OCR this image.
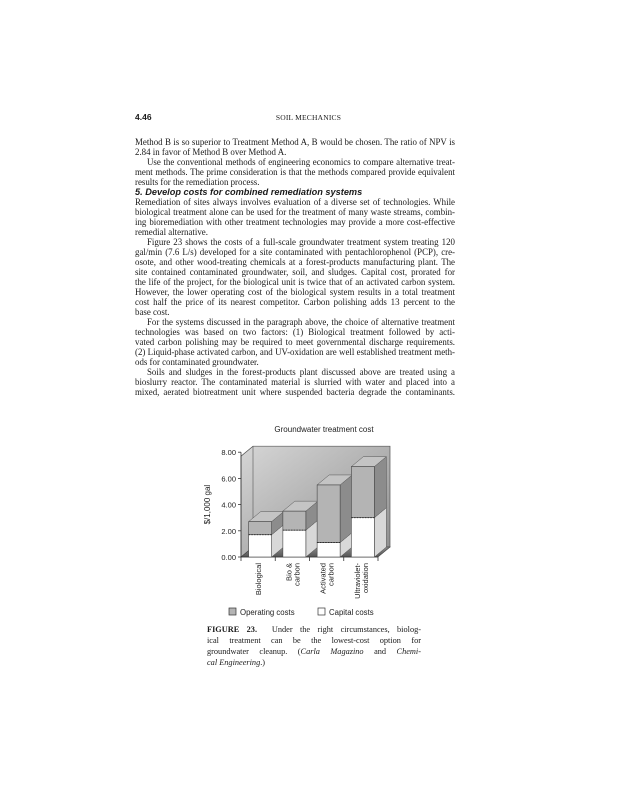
4.46	SOIL MECHANICS
Method B is so superior to Treatment Method A, B would be chosen. The ratio of NPV is
2.84 in favor of Method B over Method A.
Use the conventional methods of engineering economics to compare alternative treat-
ment methods. The prime consideration is that the methods compared provide equivalent
results for the remediation process.
5. Develop costs for combined remediation systems
Remediation of sites always involves evaluation of a diverse set of technologies. While
biological treatment alone can be used for the treatment of many waste streams, combin-
ing bioremediation with other treatment technologies may provide a more cost-effective
remedial alternative.
Figure 23 shows the costs of a full-scale groundwater treatment system treating 120
gal/min (7.6 L/s) developed for a site contaminated with pentachlorophenol (PCP), cre-
osote, and other wood-treating chemicals at a forest-products manufacturing plant. The
site contained contaminated groundwater, soil, and sludges. Capital cost, prorated for
the life of the project, for the biological unit is twice that of an activated carbon system.
However, the lower operating cost of the biological system results in a total treatment
cost half the price of its nearest competitor. Carbon polishing adds 13 percent to the
base cost.
For the systems discussed in the paragraph above, the choice of alternative treatment
technologies was based on two factors: (1) Biological treatment followed by acti-
vated carbon polishing may be required to meet governmental discharge requirements.
(2) Liquid-phase activated carbon, and UV-oxidation are well established treatment meth-
ods for contaminated groundwater.
Soils and sludges in the forest-products plant discussed above are treated using a
bioslurry reactor. The contaminated material is slurried with water and placed into a
mixed, aerated biotreatment unit where suspended bacteria degrade the contaminants.
Groundwater treatment cost
0.00
2.00
4.00
6.00
8.00
$/1,000 gal
Biological	Bio &carbon Activatedcarbon Ultraviolet-oxidation
Operating costs	Capital costs
FIGURE 23. Under the right circumstances, biolog-
ical treatment can be the lowest-cost option for
groundwater cleanup. (Carla Magazino and Chemi-
cal Engineering.)
